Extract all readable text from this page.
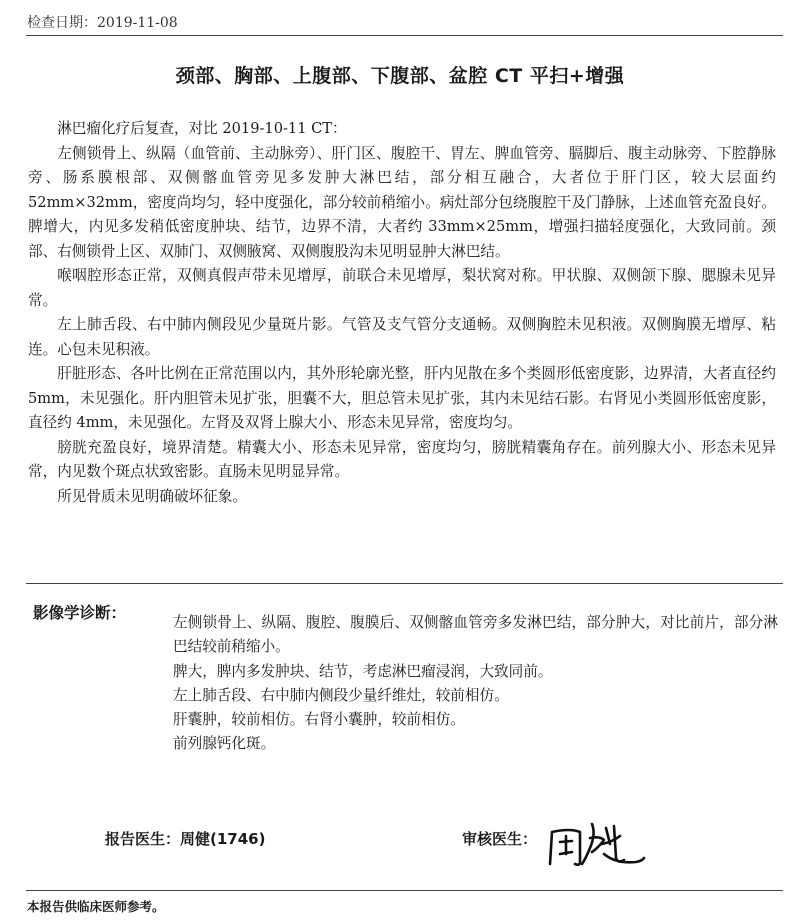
检查日期：2019-11-08
颈部、胸部、上腹部、下腹部、盆腔 CT 平扫+增强

淋巴瘤化疗后复查，对比 2019-10-11 CT：

左侧锁骨上、纵隔（血管前、主动脉旁）、肝门区、腹腔干、胃左、脾血管旁、膈脚后、腹主动脉旁、下腔静脉旁、肠系膜根部、双侧髂血管旁见多发肿大淋巴结，部分相互融合，大者位于肝门区，较大层面约 52mm×32mm，密度尚均匀，轻中度强化，部分较前稍缩小。病灶部分包绕腹腔干及门静脉，上述血管充盈良好。脾增大，内见多发稍低密度肿块、结节，边界不清，大者约 33mm×25mm，增强扫描轻度强化，大致同前。颈部、右侧锁骨上区、双肺门、双侧腋窝、双侧腹股沟未见明显肿大淋巴结。

喉咽腔形态正常，双侧真假声带未见增厚，前联合未见增厚，梨状窝对称。甲状腺、双侧颌下腺、腮腺未见异常。

左上肺舌段、右中肺内侧段见少量斑片影。气管及支气管分支通畅。双侧胸腔未见积液。双侧胸膜无增厚、粘连。心包未见积液。

肝脏形态、各叶比例在正常范围以内，其外形轮廓光整，肝内见散在多个类圆形低密度影，边界清，大者直径约 5mm，未见强化。肝内胆管未见扩张，胆囊不大，胆总管未见扩张，其内未见结石影。右肾见小类圆形低密度影，直径约 4mm，未见强化。左肾及双肾上腺大小、形态未见异常，密度均匀。

膀胱充盈良好，境界清楚。精囊大小、形态未见异常，密度均匀，膀胱精囊角存在。前列腺大小、形态未见异常，内见数个斑点状致密影。直肠未见明显异常。

所见骨质未见明确破坏征象。

影像学诊断：

左侧锁骨上、纵隔、腹腔、腹膜后、双侧髂血管旁多发淋巴结，部分肿大，对比前片，部分淋巴结较前稍缩小。

脾大，脾内多发肿块、结节，考虑淋巴瘤浸润，大致同前。

左上肺舌段、右中肺内侧段少量纤维灶，较前相仿。

肝囊肿，较前相仿。右肾小囊肿，较前相仿。

前列腺钙化斑。

报告医生：周健(1746)	审核医生：
本报告供临床医师参考。
